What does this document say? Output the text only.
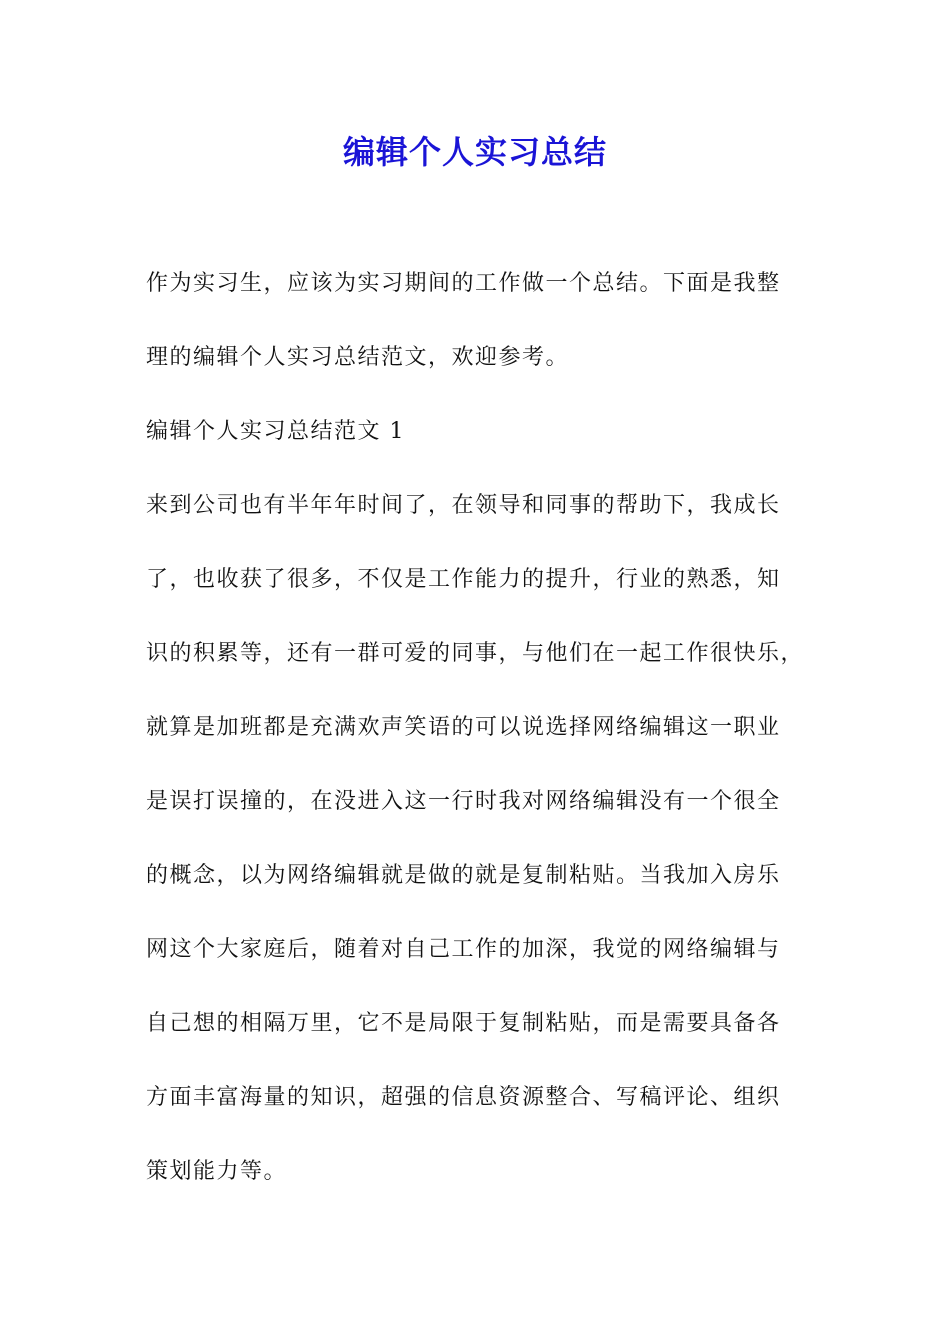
编辑个人实习总结
作为实习生，应该为实习期间的工作做一个总结。下面是我整
理的编辑个人实习总结范文，欢迎参考。
编辑个人实习总结范文 1
来到公司也有半年年时间了，在领导和同事的帮助下，我成长
了，也收获了很多，不仅是工作能力的提升，行业的熟悉，知
识的积累等，还有一群可爱的同事，与他们在一起工作很快乐，
就算是加班都是充满欢声笑语的可以说选择网络编辑这一职业
是误打误撞的，在没进入这一行时我对网络编辑没有一个很全
的概念，以为网络编辑就是做的就是复制粘贴。当我加入房乐
网这个大家庭后，随着对自己工作的加深，我觉的网络编辑与
自己想的相隔万里，它不是局限于复制粘贴，而是需要具备各
方面丰富海量的知识，超强的信息资源整合、写稿评论、组织
策划能力等。
